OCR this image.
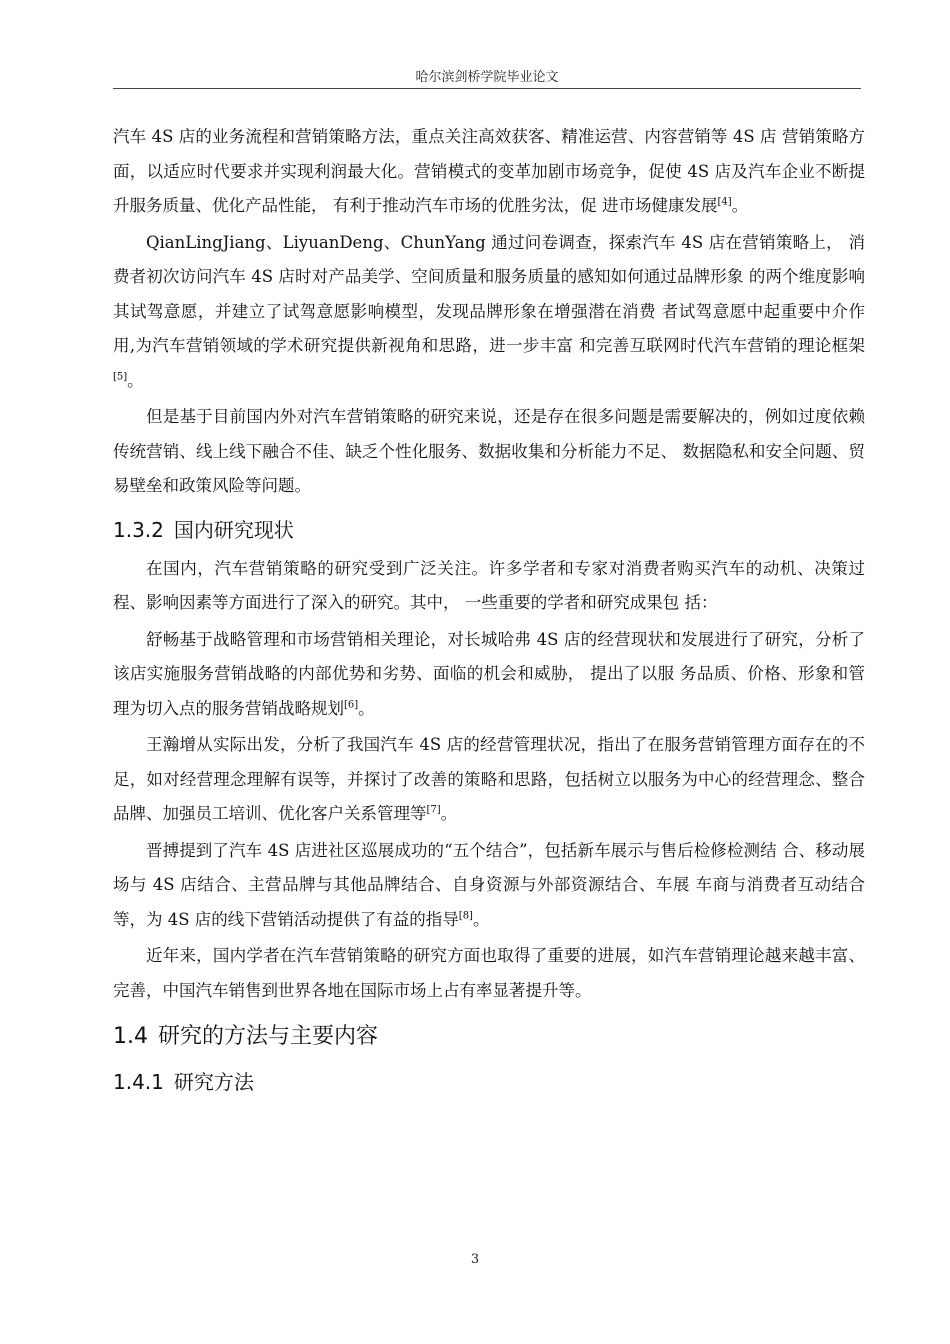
哈尔滨剑桥学院毕业论文

汽车 4S 店的业务流程和营销策略方法，重点关注高效获客、精准运营、内容营销等 4S 店 营销策略方面，以适应时代要求并实现利润最大化。营销模式的变革加剧市场竞争，促使 4S 店及汽车企业不断提升服务质量、优化产品性能， 有利于推动汽车市场的优胜劣汰，促 进市场健康发展[4]。

QianLingJiang、LiyuanDeng、ChunYang 通过问卷调查，探索汽车 4S 店在营销策略上， 消费者初次访问汽车 4S 店时对产品美学、空间质量和服务质量的感知如何通过品牌形象 的两个维度影响其试驾意愿，并建立了试驾意愿影响模型，发现品牌形象在增强潜在消费 者试驾意愿中起重要中介作用,为汽车营销领域的学术研究提供新视角和思路，进一步丰富 和完善互联网时代汽车营销的理论框架[5]。

但是基于目前国内外对汽车营销策略的研究来说，还是存在很多问题是需要解决的，例如过度依赖传统营销、线上线下融合不佳、缺乏个性化服务、数据收集和分析能力不足、 数据隐私和安全问题、贸易壁垒和政策风险等问题。

1.3.2 国内研究现状

在国内，汽车营销策略的研究受到广泛关注。许多学者和专家对消费者购买汽车的动机、决策过程、影响因素等方面进行了深入的研究。其中， 一些重要的学者和研究成果包 括：

舒畅基于战略管理和市场营销相关理论，对长城哈弗 4S 店的经营现状和发展进行了研究，分析了该店实施服务营销战略的内部优势和劣势、面临的机会和威胁， 提出了以服 务品质、价格、形象和管理为切入点的服务营销战略规划[6]。

王瀚增从实际出发，分析了我国汽车 4S 店的经营管理状况，指出了在服务营销管理方面存在的不足，如对经营理念理解有误等，并探讨了改善的策略和思路，包括树立以服务为中心的经营理念、整合品牌、加强员工培训、优化客户关系管理等[7]。

晋搏提到了汽车 4S 店进社区巡展成功的“五个结合”，包括新车展示与售后检修检测结 合、移动展场与 4S 店结合、主营品牌与其他品牌结合、自身资源与外部资源结合、车展 车商与消费者互动结合等，为 4S 店的线下营销活动提供了有益的指导[8]。

近年来，国内学者在汽车营销策略的研究方面也取得了重要的进展，如汽车营销理论越来越丰富、完善，中国汽车销售到世界各地在国际市场上占有率显著提升等。

1.4 研究的方法与主要内容
1.4.1 研究方法
3
